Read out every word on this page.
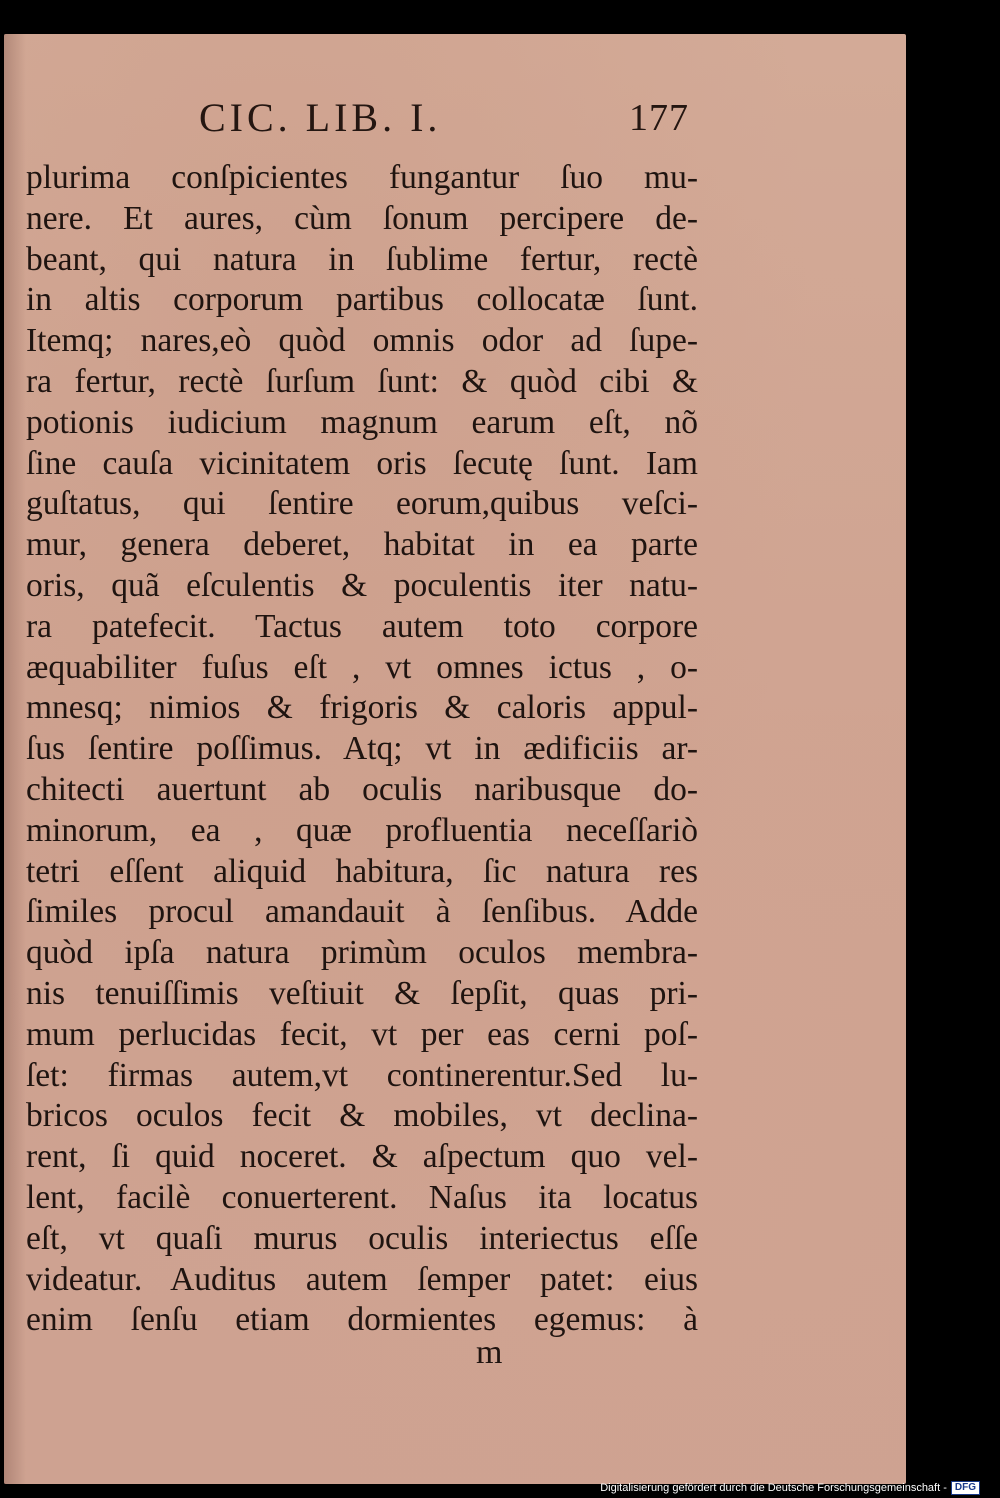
CIC. LIB. I.	177
plurima conſpicientes fungantur ſuo mu-
nere. Et aures, cùm ſonum percipere de-
beant, qui natura in ſublime fertur, rectè
in altis corporum partibus collocatæ ſunt.
Itemq; nares,eò quòd omnis odor ad ſupe-
ra fertur, rectè ſurſum ſunt: & quòd cibi &
potionis iudicium magnum earum eſt, nõ
ſine cauſa vicinitatem oris ſecutę ſunt. Iam
guſtatus, qui ſentire eorum,quibus veſci-
mur, genera deberet, habitat in ea parte
oris, quã eſculentis & poculentis iter natu-
ra patefecit. Tactus autem toto corpore
æquabiliter fuſus eſt , vt omnes ictus , o-
mnesq; nimios & frigoris & caloris appul-
ſus ſentire poſſimus. Atq; vt in ædificiis ar-
chitecti auertunt ab oculis naribusque do-
minorum, ea , quæ profluentia neceſſariò
tetri eſſent aliquid habitura, ſic natura res
ſimiles procul amandauit à ſenſibus. Adde
quòd ipſa natura primùm oculos membra-
nis tenuiſſimis veſtiuit & ſepſit, quas pri-
mum perlucidas fecit, vt per eas cerni poſ-
ſet: firmas autem,vt continerentur.Sed lu-
bricos oculos fecit & mobiles, vt declina-
rent, ſi quid noceret. & aſpectum quo vel-
lent, facilè conuerterent. Naſus ita locatus
eſt, vt quaſi murus oculis interiectus eſſe
videatur. Auditus autem ſemper patet: eius
enim ſenſu etiam dormientes egemus: à
m
Digitalisierung gefördert durch die Deutsche Forschungsgemeinschaft - DFG
